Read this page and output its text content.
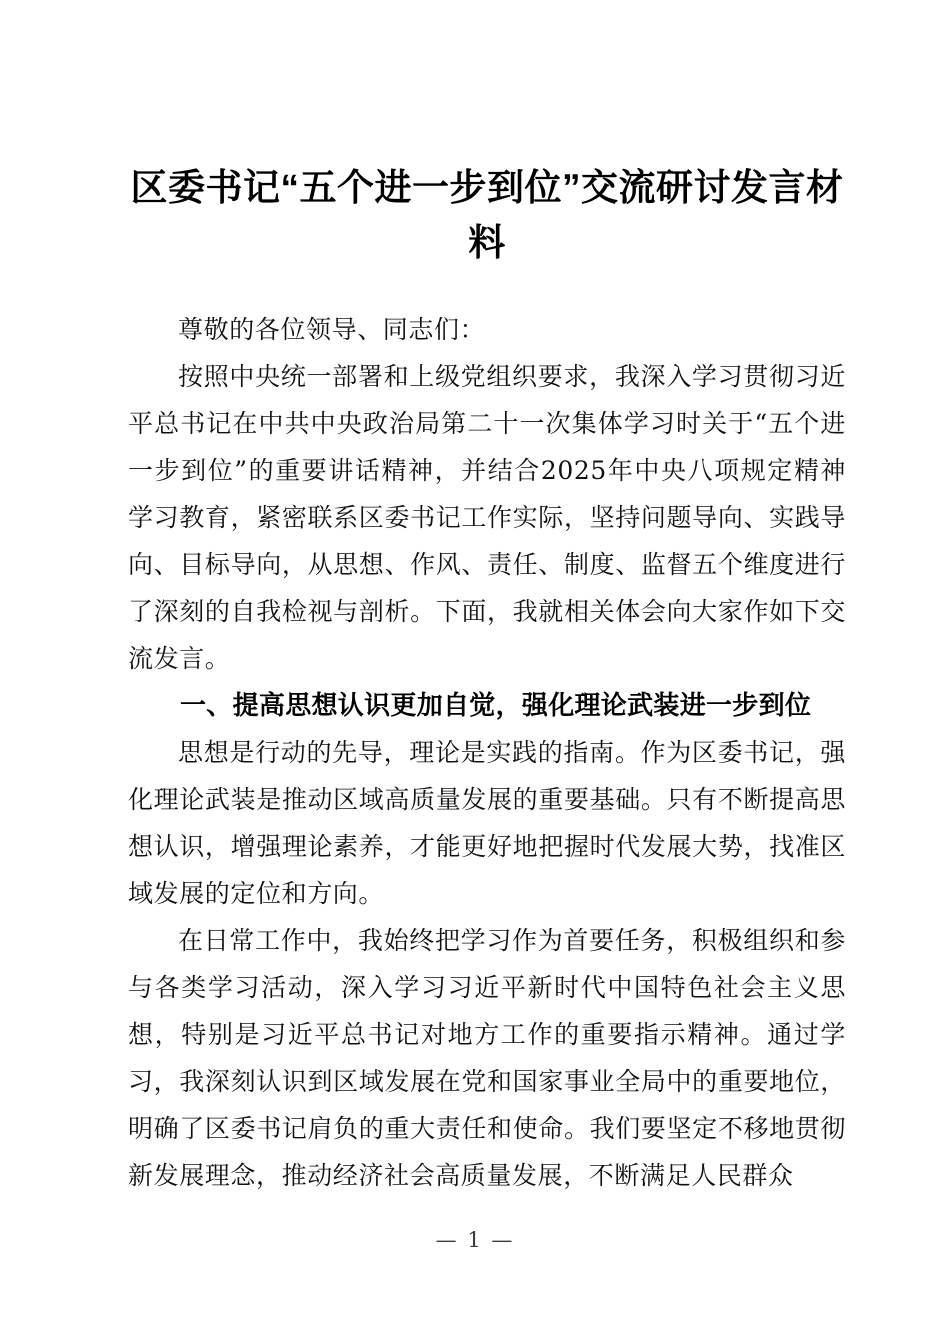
区委书记“五个进一步到位”交流研讨发言材料

尊敬的各位领导、同志们：

按照中央统一部署和上级党组织要求，我深入学习贯彻习近平总书记在中共中央政治局第二十一次集体学习时关于“五个进一步到位”的重要讲话精神，并结合2025年中央八项规定精神学习教育，紧密联系区委书记工作实际，坚持问题导向、实践导向、目标导向，从思想、作风、责任、制度、监督五个维度进行了深刻的自我检视与剖析。下面，我就相关体会向大家作如下交流发言。

一、提高思想认识更加自觉，强化理论武装进一步到位

思想是行动的先导，理论是实践的指南。作为区委书记，强化理论武装是推动区域高质量发展的重要基础。只有不断提高思想认识，增强理论素养，才能更好地把握时代发展大势，找准区域发展的定位和方向。

在日常工作中，我始终把学习作为首要任务，积极组织和参与各类学习活动，深入学习习近平新时代中国特色社会主义思想，特别是习近平总书记对地方工作的重要指示精神。通过学习，我深刻认识到区域发展在党和国家事业全局中的重要地位，明确了区委书记肩负的重大责任和使命。我们要坚定不移地贯彻新发展理念，推动经济社会高质量发展，不断满足人民群众

— 1 —
